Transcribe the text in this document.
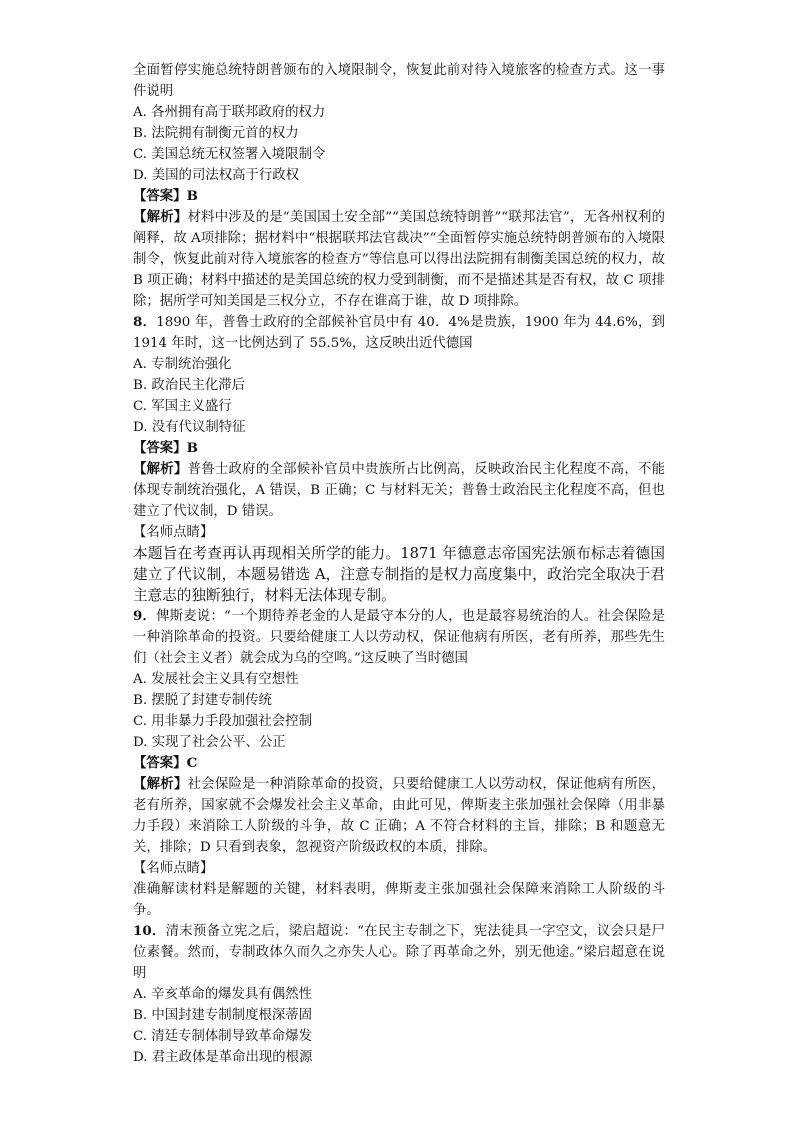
全面暂停实施总统特朗普颁布的入境限制令，恢复此前对待入境旅客的检查方式。这一事件说明
A. 各州拥有高于联邦政府的权力
B. 法院拥有制衡元首的权力
C. 美国总统无权签署入境限制令
D. 美国的司法权高于行政权
【答案】B
【解析】材料中涉及的是“美国国土安全部”“美国总统特朗普”“联邦法官”，无各州权利的阐释，故 A项排除；据材料中“根据联邦法官裁决”“全面暂停实施总统特朗普颁布的入境限制令，恢复此前对待入境旅客的检查方”等信息可以得出法院拥有制衡美国总统的权力，故 B 项正确；材料中描述的是美国总统的权力受到制衡，而不是描述其是否有权，故 C 项排除；据所学可知美国是三权分立，不存在谁高于谁，故 D 项排除。
8．1890 年，普鲁士政府的全部候补官员中有 40．4%是贵族，1900 年为 44.6%，到 1914 年时，这一比例达到了 55.5%，这反映出近代德国
A. 专制统治强化
B. 政治民主化滞后
C. 军国主义盛行
D. 没有代议制特征
【答案】B
【解析】普鲁士政府的全部候补官员中贵族所占比例高，反映政治民主化程度不高，不能体现专制统治强化，A 错误，B 正确；C 与材料无关；普鲁士政治民主化程度不高，但也建立了代议制，D 错误。
【名师点睛】
本题旨在考查再认再现相关所学的能力。1871 年德意志帝国宪法颁布标志着德国建立了代议制，本题易错选 A，注意专制指的是权力高度集中，政治完全取决于君主意志的独断独行，材料无法体现专制。
9．俾斯麦说：“一个期待养老金的人是最守本分的人，也是最容易统治的人。社会保险是一种消除革命的投资。只要给健康工人以劳动权，保证他病有所医，老有所养，那些先生们（社会主义者）就会成为乌的空鸣。”这反映了当时德国
A. 发展社会主义具有空想性
B. 摆脱了封建专制传统
C. 用非暴力手段加强社会控制
D. 实现了社会公平、公正
【答案】C
【解析】社会保险是一种消除革命的投资，只要给健康工人以劳动权，保证他病有所医，老有所养，国家就不会爆发社会主义革命，由此可见，俾斯麦主张加强社会保障（用非暴力手段）来消除工人阶级的斗争，故 C 正确；A 不符合材料的主旨，排除；B 和题意无关，排除；D 只看到表象，忽视资产阶级政权的本质，排除。
【名师点睛】
准确解读材料是解题的关键，材料表明，俾斯麦主张加强社会保障来消除工人阶级的斗争。
10．清末预备立宪之后，梁启超说：“在民主专制之下，宪法徒具一字空文，议会只是尸位素餐。然而，专制政体久而久之亦失人心。除了再革命之外，别无他途。”梁启超意在说明
A. 辛亥革命的爆发具有偶然性
B. 中国封建专制制度根深蒂固
C. 清廷专制体制导致革命爆发
D. 君主政体是革命出现的根源
